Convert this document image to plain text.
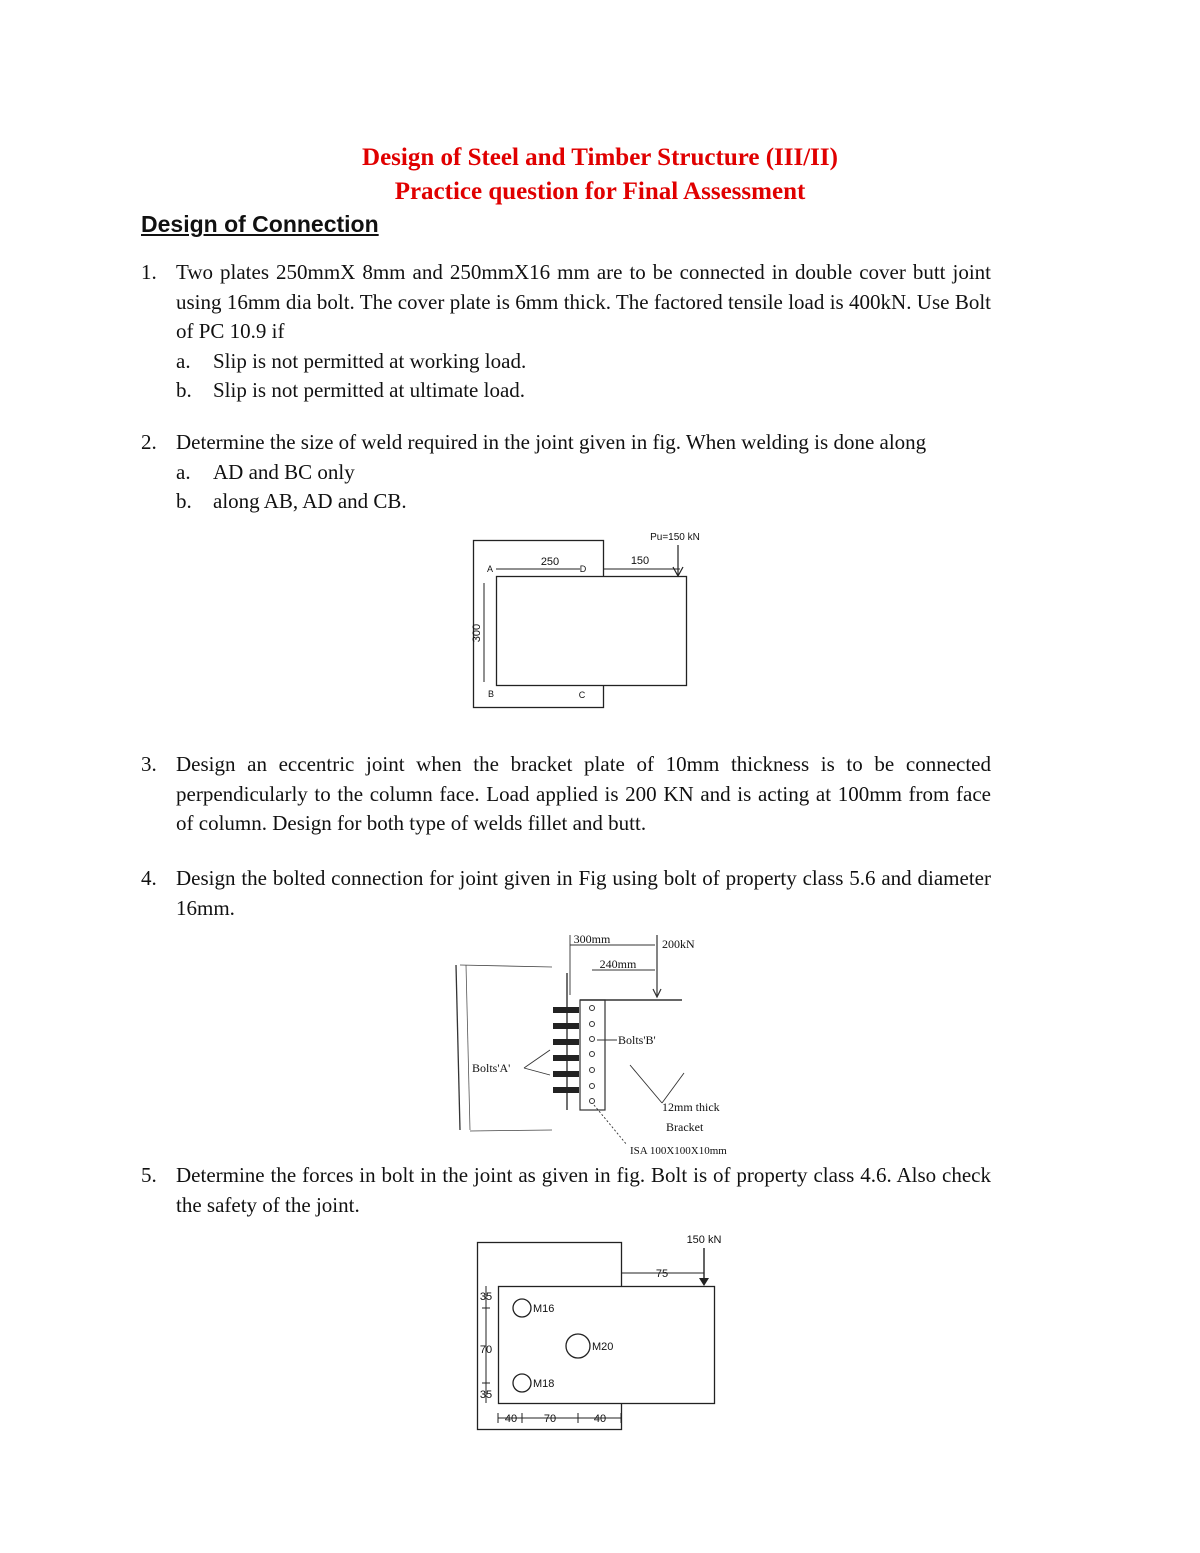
Design of Steel and Timber Structure (III/II)
Practice question for Final Assessment
Design of Connection
1. Two plates 250mmX 8mm and 250mmX16 mm are to be connected in double cover butt joint using 16mm dia bolt. The cover plate is 6mm thick. The factored tensile load is 400kN. Use Bolt of PC 10.9 if
a. Slip is not permitted at working load.
b. Slip is not permitted at ultimate load.
2. Determine the size of weld required in the joint given in fig. When welding is done along
a. AD and BC only
b. along AB, AD and CB.
250	150
Pu=150 kN
300
A	D
B	C
3. Design an eccentric joint when the bracket plate of 10mm thickness is to be connected perpendicularly to the column face. Load applied is 200 KN and is acting at 100mm from face of column. Design for both type of welds fillet and butt.
4. Design the bolted connection for joint given in Fig using bolt of property class 5.6 and diameter 16mm.
300mm	200kN
240mm
Bolts'B'
Bolts'A'
12mm thick
Bracket
ISA 100X100X10mm
5. Determine the forces in bolt in the joint as given in fig. Bolt is of property class 4.6. Also check the safety of the joint.
M16
M20
M18
35
70
35
40 70	40
75
150 kN
